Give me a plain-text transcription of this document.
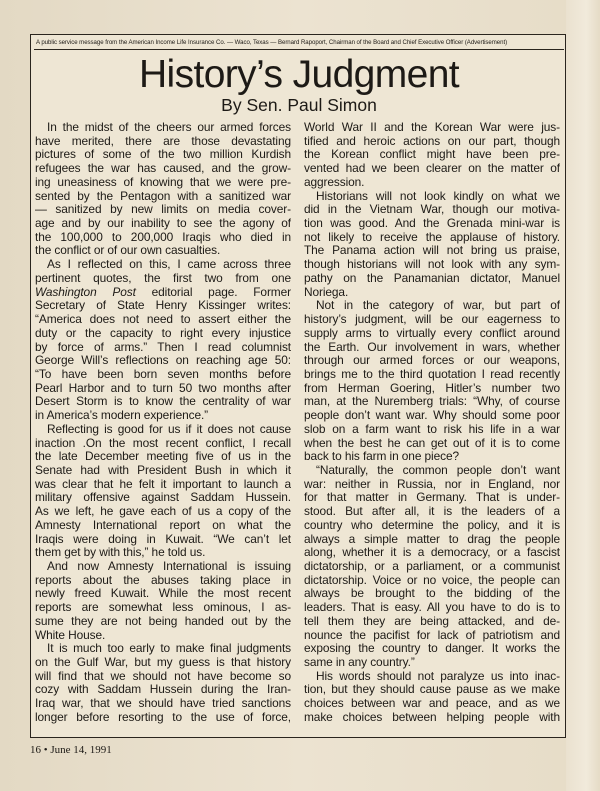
A public service message from the American Income Life Insurance Co. — Waco, Texas — Bernard Rapoport, Chairman of the Board and Chief Executive Officer (Advertisement)
History’s Judgment
By Sen. Paul Simon
In the midst of the cheers our armed forces
have merited, there are those devastating
pictures of some of the two million Kurdish
refugees the war has caused, and the grow-
ing uneasiness of knowing that we were pre-
sented by the Pentagon with a sanitized war
— sanitized by new limits on media cover-
age and by our inability to see the agony of
the 100,000 to 200,000 Iraqis who died in
the conflict or of our own casualties.
As I reflected on this, I came across three
pertinent quotes, the first two from one
Washington Post editorial page. Former
Secretary of State Henry Kissinger writes:
“America does not need to assert either the
duty or the capacity to right every injustice
by force of arms.” Then I read columnist
George Will’s reflections on reaching age 50:
“To have been born seven months before
Pearl Harbor and to turn 50 two months after
Desert Storm is to know the centrality of war
in America’s modern experience.”
Reflecting is good for us if it does not cause
inaction .On the most recent conflict, I recall
the late December meeting five of us in the
Senate had with President Bush in which it
was clear that he felt it important to launch a
military offensive against Saddam Hussein.
As we left, he gave each of us a copy of the
Amnesty International report on what the
Iraqis were doing in Kuwait. “We can’t let
them get by with this,” he told us.
And now Amnesty International is issuing
reports about the abuses taking place in
newly freed Kuwait. While the most recent
reports are somewhat less ominous, I as-
sume they are not being handed out by the
White House.
It is much too early to make final judgments
on the Gulf War, but my guess is that history
will find that we should not have become so
cozy with Saddam Hussein during the Iran-
Iraq war, that we should have tried sanctions
longer before resorting to the use of force,
World War II and the Korean War were jus-
tified and heroic actions on our part, though
the Korean conflict might have been pre-
vented had we been clearer on the matter of
aggression.
Historians will not look kindly on what we
did in the Vietnam War, though our motiva-
tion was good. And the Grenada mini-war is
not likely to receive the applause of history.
The Panama action will not bring us praise,
though historians will not look with any sym-
pathy on the Panamanian dictator, Manuel
Noriega.
Not in the category of war, but part of
history’s judgment, will be our eagerness to
supply arms to virtually every conflict around
the Earth. Our involvement in wars, whether
through our armed forces or our weapons,
brings me to the third quotation I read recently
from Herman Goering, Hitler’s number two
man, at the Nuremberg trials: “Why, of course
people don’t want war. Why should some poor
slob on a farm want to risk his life in a war
when the best he can get out of it is to come
back to his farm in one piece?
“Naturally, the common people don’t want
war: neither in Russia, nor in England, nor
for that matter in Germany. That is under-
stood. But after all, it is the leaders of a
country who determine the policy, and it is
always a simple matter to drag the people
along, whether it is a democracy, or a fascist
dictatorship, or a parliament, or a communist
dictatorship. Voice or no voice, the people can
always be brought to the bidding of the
leaders. That is easy. All you have to do is to
tell them they are being attacked, and de-
nounce the pacifist for lack of patriotism and
exposing the country to danger. It works the
same in any country.”
His words should not paralyze us into inac-
tion, but they should cause pause as we make
choices between war and peace, and as we
make choices between helping people with
16 • June 14, 1991
